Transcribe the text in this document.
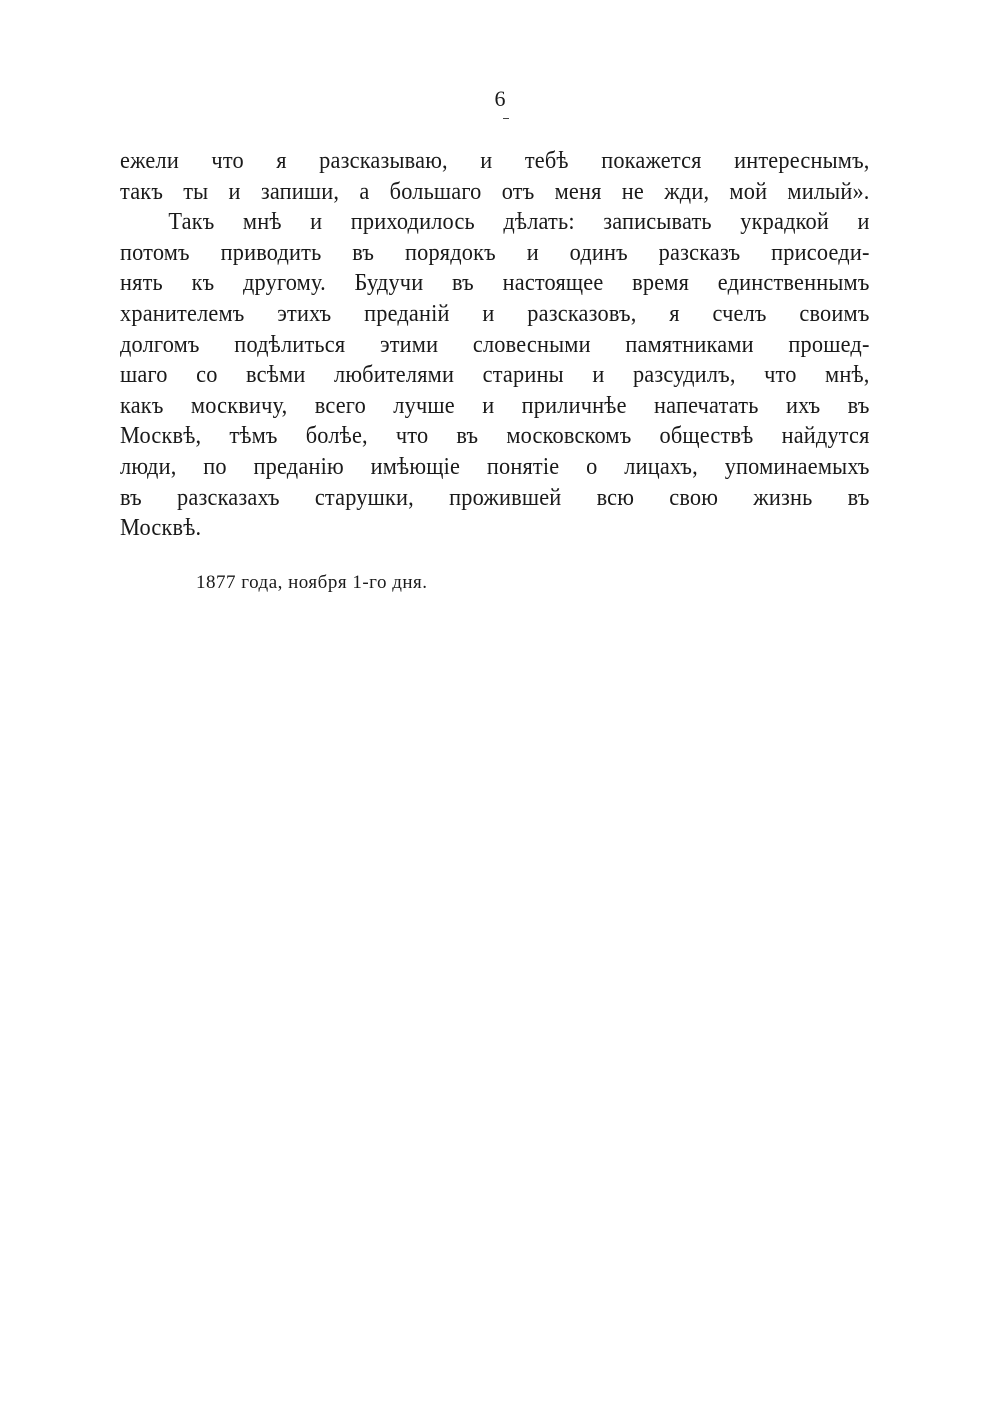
6
ежели что я разсказываю, и тебѣ покажется интереснымъ,
такъ ты и запиши, а большаго отъ меня не жди, мой милый».
Такъ мнѣ и приходилось дѣлать: записывать украдкой и
потомъ приводить въ порядокъ и одинъ разсказъ присоеди-
нять къ другому. Будучи въ настоящее время единственнымъ
хранителемъ этихъ преданій и разсказовъ, я счелъ своимъ
долгомъ подѣлиться этими словесными памятниками прошед-
шаго со всѣми любителями старины и разсудилъ, что мнѣ,
какъ москвичу, всего лучше и приличнѣе напечатать ихъ въ
Москвѣ, тѣмъ болѣе, что въ московскомъ обществѣ найдутся
люди, по преданію имѣющіе понятіе о лицахъ, упоминаемыхъ
въ разсказахъ старушки, прожившей всю свою жизнь въ
Москвѣ.
1877 года, ноября 1-го дня.
